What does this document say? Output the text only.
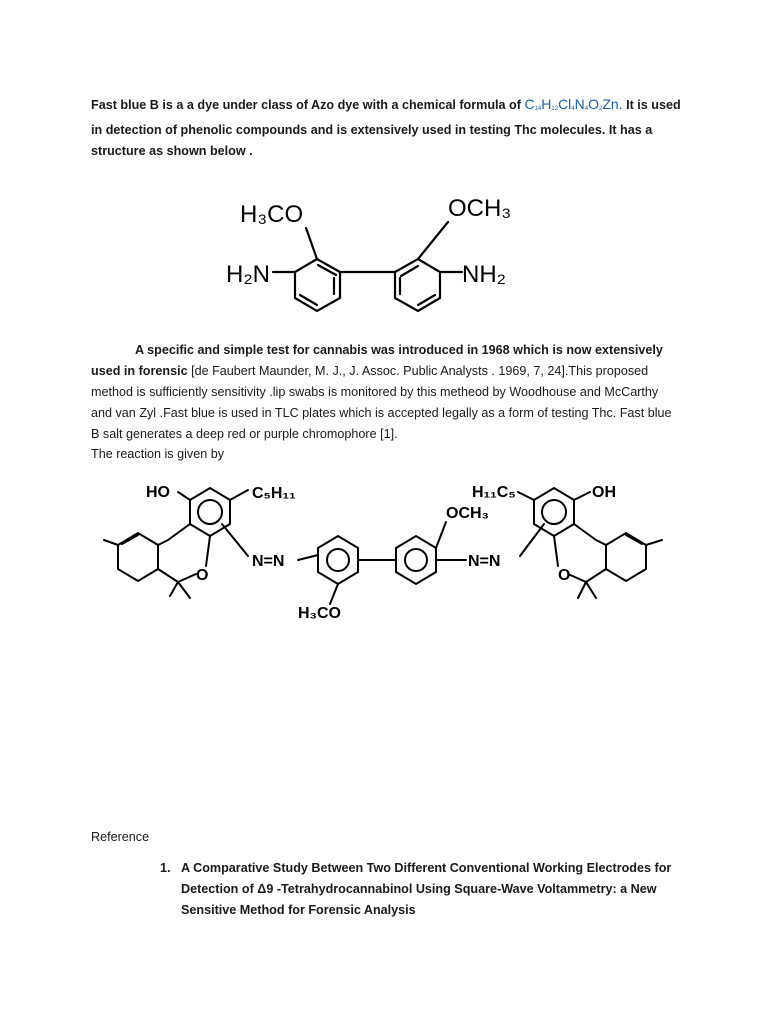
Fast blue B is a a dye under class of Azo dye with a chemical formula of $C_{14}H_{12}Cl_4N_4O_2Zn$. It is used in detection of phenolic compounds and is extensively used in testing Thc molecules. It has a structure as shown below .
H₃CO	OCH₃
H₂N	NH₂
A specific and simple test for cannabis was introduced in 1968 which is now extensively used in forensic [de Faubert Maunder, M. J., J. Assoc. Public Analysts . 1969, 7, 24].This proposed method is sufficiently sensitivity .lip swabs is monitored by this metheod by Woodhouse and McCarthy and van Zyl .Fast blue is used in TLC plates which is accepted legally as a form of testing Thc. Fast blue B salt generates a deep red or purple chromophore [1].
The reaction is given by
HO	C₅H₁₁
N=N
O
H₃CO
OCH₃
N=N
H₁₁C₅	OH
O
Reference
1. A Comparative Study Between Two Different Conventional Working Electrodes for Detection of Δ9 -Tetrahydrocannabinol Using Square-Wave Voltammetry: a New Sensitive Method for Forensic Analysis
